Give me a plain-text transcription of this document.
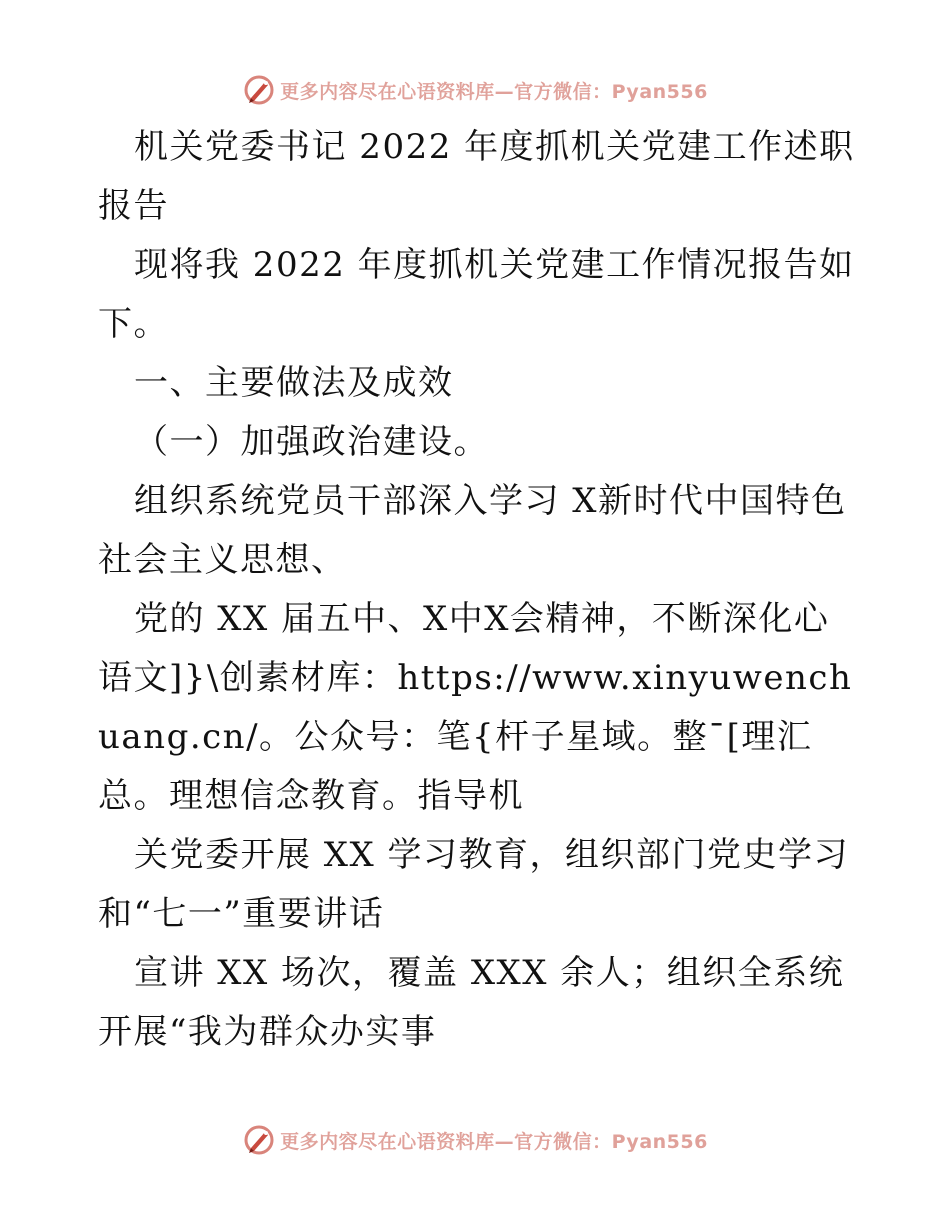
更多内容尽在心语资料库—官方微信：Pyan556

机关党委书记 2022 年度抓机关党建工作述职报告

现将我 2022 年度抓机关党建工作情况报告如下。

一、主要做法及成效

（一）加强政治建设。

组织系统党员干部深入学习 X新时代中国特色社会主义思想、

党的 XX 届五中、X中X会精神，不断深化心语文]}\创素材库：https://www.xinyuwenchuang.cn/。公众号：笔{杆子星域。整¯[理汇总。理想信念教育。指导机

关党委开展 XX 学习教育，组织部门党史学习和“七一”重要讲话

宣讲 XX 场次，覆盖 XXX 余人；组织全系统开展“我为群众办实事

更多内容尽在心语资料库—官方微信：Pyan556
